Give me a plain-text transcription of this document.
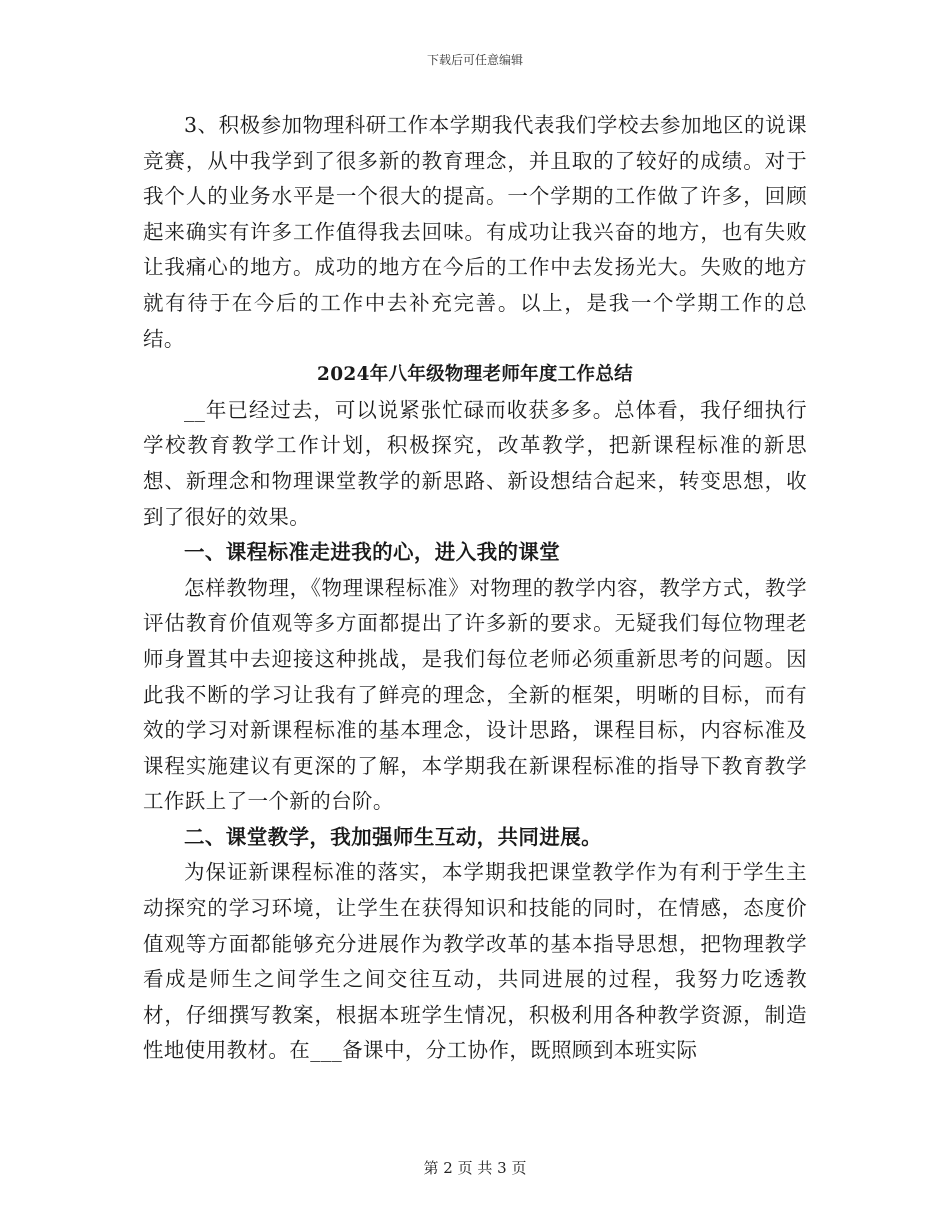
下载后可任意编辑

3、积极参加物理科研工作本学期我代表我们学校去参加地区的说课竞赛，从中我学到了很多新的教育理念，并且取的了较好的成绩。对于我个人的业务水平是一个很大的提高。一个学期的工作做了许多，回顾起来确实有许多工作值得我去回味。有成功让我兴奋的地方，也有失败让我痛心的地方。成功的地方在今后的工作中去发扬光大。失败的地方就有待于在今后的工作中去补充完善。以上，是我一个学期工作的总结。

2024年八年级物理老师年度工作总结

__年已经过去，可以说紧张忙碌而收获多多。总体看，我仔细执行学校教育教学工作计划，积极探究，改革教学，把新课程标准的新思想、新理念和物理课堂教学的新思路、新设想结合起来，转变思想，收到了很好的效果。

一、课程标准走进我的心，进入我的课堂

怎样教物理，《物理课程标准》对物理的教学内容，教学方式，教学评估教育价值观等多方面都提出了许多新的要求。无疑我们每位物理老师身置其中去迎接这种挑战，是我们每位老师必须重新思考的问题。因此我不断的学习让我有了鲜亮的理念，全新的框架，明晰的目标，而有效的学习对新课程标准的基本理念，设计思路，课程目标，内容标准及课程实施建议有更深的了解，本学期我在新课程标准的指导下教育教学工作跃上了一个新的台阶。

二、课堂教学，我加强师生互动，共同进展。

为保证新课程标准的落实，本学期我把课堂教学作为有利于学生主动探究的学习环境，让学生在获得知识和技能的同时，在情感，态度价值观等方面都能够充分进展作为教学改革的基本指导思想，把物理教学看成是师生之间学生之间交往互动，共同进展的过程，我努力吃透教材，仔细撰写教案，根据本班学生情况，积极利用各种教学资源，制造性地使用教材。在___备课中，分工协作，既照顾到本班实际

第 2 页 共 3 页
